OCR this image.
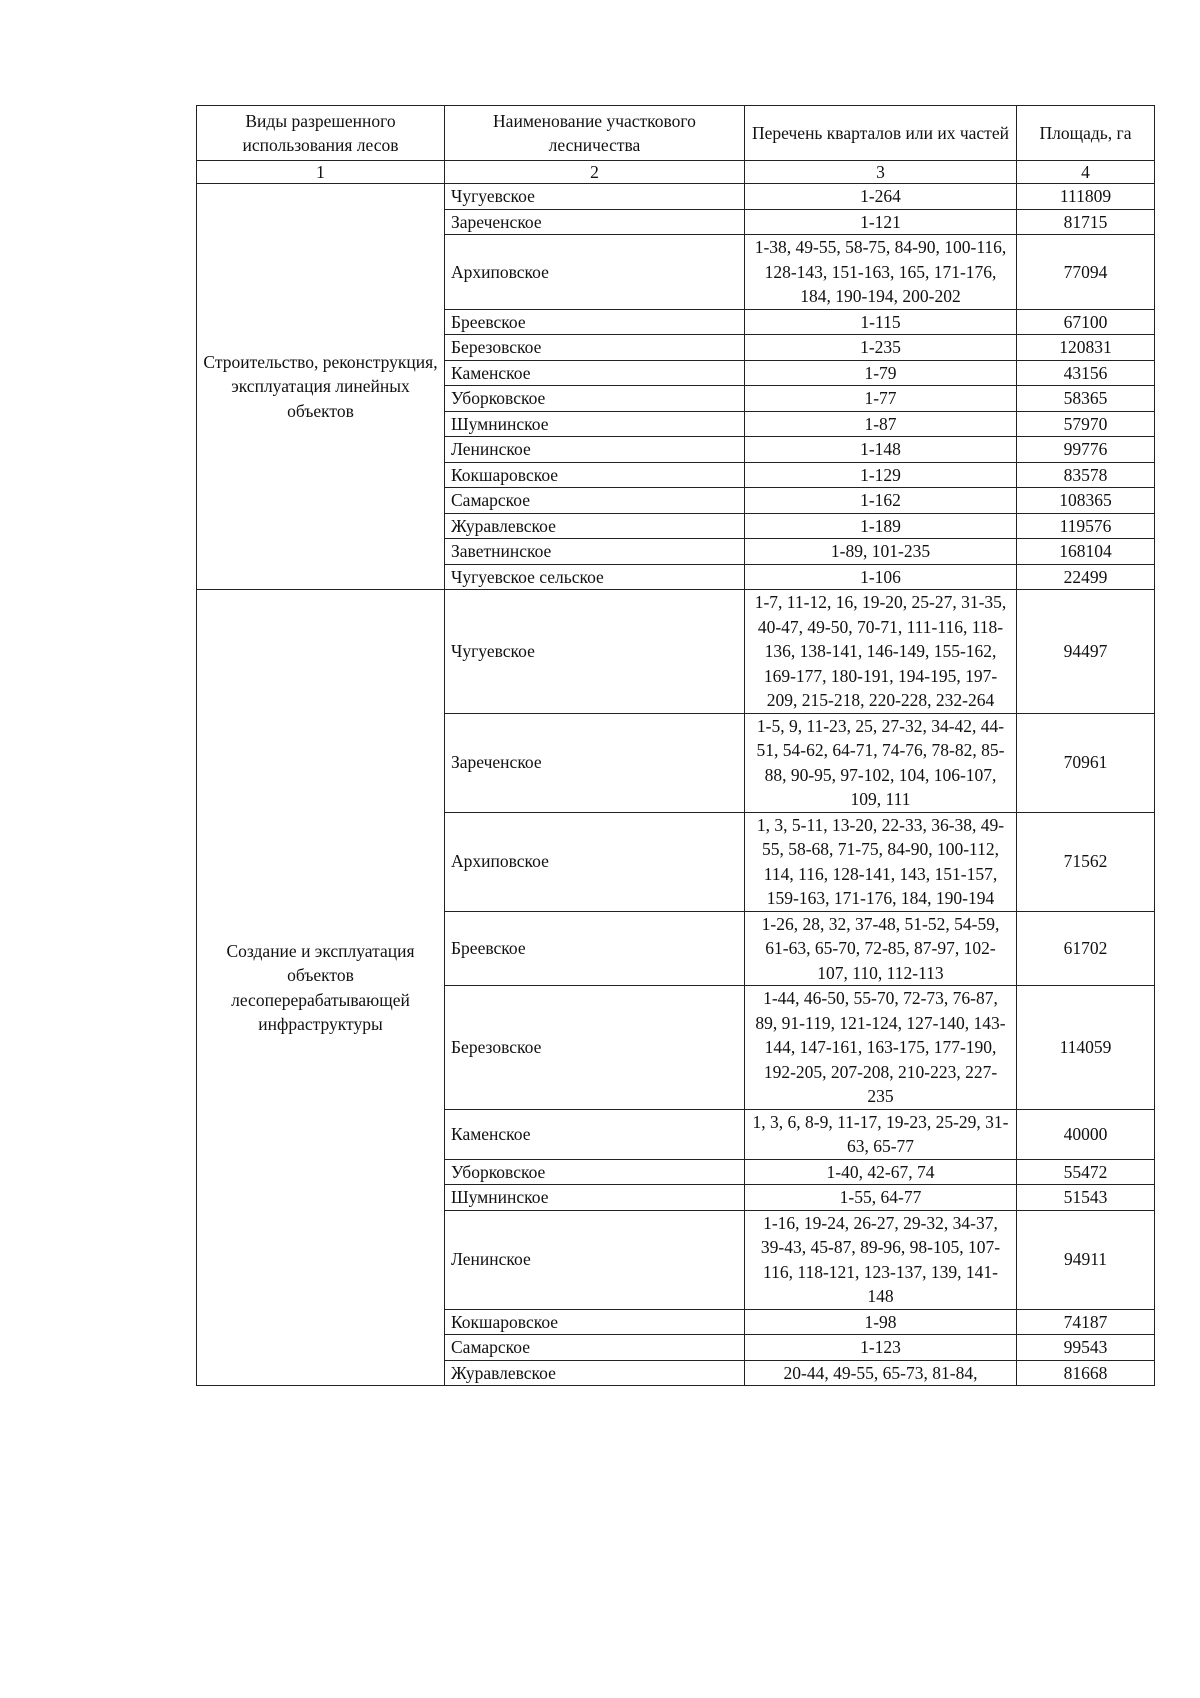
Виды разрешенного использования лесов	Наименование участкового лесничества	Перечень кварталов или их частей	Площадь, га
1	2	3	4
Строительство, реконструкция, эксплуатация линейных объектов	Чугуевское	1-264	111809
	Зареченское	1-121	81715
	Архиповское	1-38, 49-55, 58-75, 84-90, 100-116, 128-143, 151-163, 165, 171-176, 184, 190-194, 200-202	77094
	Бреевское	1-115	67100
	Березовское	1-235	120831
	Каменское	1-79	43156
	Уборковское	1-77	58365
	Шумнинское	1-87	57970
	Ленинское	1-148	99776
	Кокшаровское	1-129	83578
	Самарское	1-162	108365
	Журавлевское	1-189	119576
	Заветнинское	1-89, 101-235	168104
	Чугуевское сельское	1-106	22499
Создание и эксплуатация объектов лесоперерабатывающей инфраструктуры	Чугуевское	1-7, 11-12, 16, 19-20, 25-27, 31-35, 40-47, 49-50, 70-71, 111-116, 118-136, 138-141, 146-149, 155-162, 169-177, 180-191, 194-195, 197-209, 215-218, 220-228, 232-264	94497
	Зареченское	1-5, 9, 11-23, 25, 27-32, 34-42, 44-51, 54-62, 64-71, 74-76, 78-82, 85-88, 90-95, 97-102, 104, 106-107, 109, 111	70961
	Архиповское	1, 3, 5-11, 13-20, 22-33, 36-38, 49-55, 58-68, 71-75, 84-90, 100-112, 114, 116, 128-141, 143, 151-157, 159-163, 171-176, 184, 190-194	71562
	Бреевское	1-26, 28, 32, 37-48, 51-52, 54-59, 61-63, 65-70, 72-85, 87-97, 102-107, 110, 112-113	61702
	Березовское	1-44, 46-50, 55-70, 72-73, 76-87, 89, 91-119, 121-124, 127-140, 143-144, 147-161, 163-175, 177-190, 192-205, 207-208, 210-223, 227-235	114059
	Каменское	1, 3, 6, 8-9, 11-17, 19-23, 25-29, 31-63, 65-77	40000
	Уборковское	1-40, 42-67, 74	55472
	Шумнинское	1-55, 64-77	51543
	Ленинское	1-16, 19-24, 26-27, 29-32, 34-37, 39-43, 45-87, 89-96, 98-105, 107-116, 118-121, 123-137, 139, 141-148	94911
	Кокшаровское	1-98	74187
	Самарское	1-123	99543
	Журавлевское	20-44, 49-55, 65-73, 81-84,	81668
